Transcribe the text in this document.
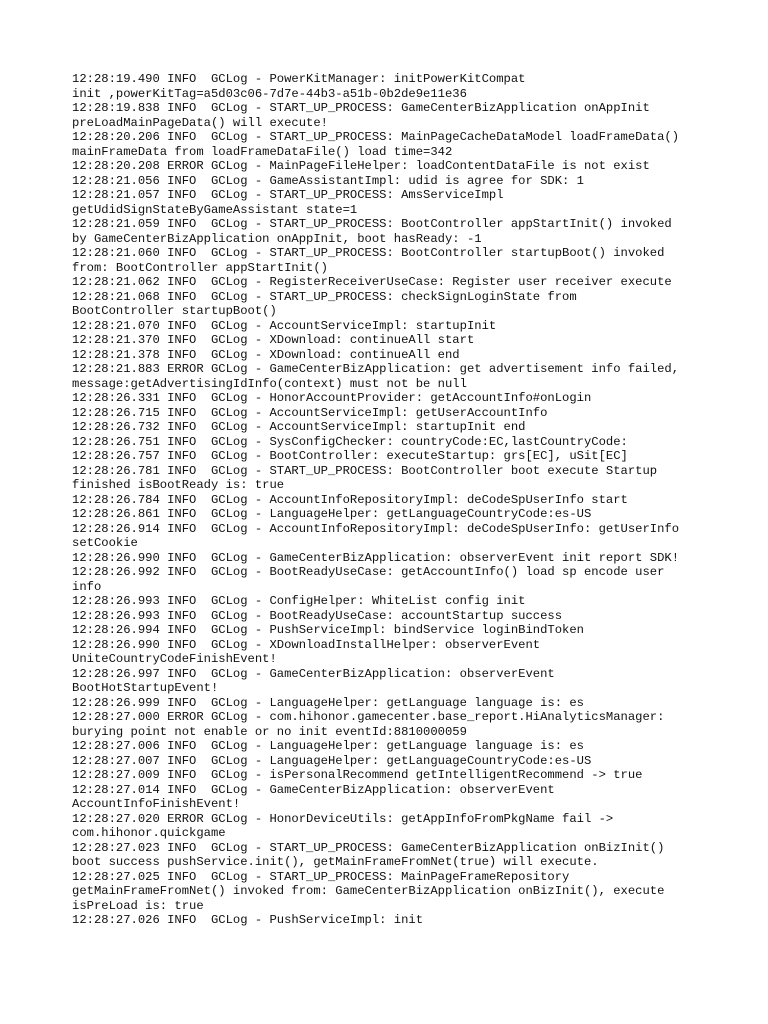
12:28:19.490 INFO  GCLog - PowerKitManager: initPowerKitCompat
init ,powerKitTag=a5d03c06-7d7e-44b3-a51b-0b2de9e11e36
12:28:19.838 INFO  GCLog - START_UP_PROCESS: GameCenterBizApplication onAppInit
preLoadMainPageData() will execute!
12:28:20.206 INFO  GCLog - START_UP_PROCESS: MainPageCacheDataModel loadFrameData()
mainFrameData from loadFrameDataFile() load time=342
12:28:20.208 ERROR GCLog - MainPageFileHelper: loadContentDataFile is not exist
12:28:21.056 INFO  GCLog - GameAssistantImpl: udid is agree for SDK: 1
12:28:21.057 INFO  GCLog - START_UP_PROCESS: AmsServiceImpl
getUdidSignStateByGameAssistant state=1
12:28:21.059 INFO  GCLog - START_UP_PROCESS: BootController appStartInit() invoked
by GameCenterBizApplication onAppInit, boot hasReady: -1
12:28:21.060 INFO  GCLog - START_UP_PROCESS: BootController startupBoot() invoked
from: BootController appStartInit()
12:28:21.062 INFO  GCLog - RegisterReceiverUseCase: Register user receiver execute
12:28:21.068 INFO  GCLog - START_UP_PROCESS: checkSignLoginState from
BootController startupBoot()
12:28:21.070 INFO  GCLog - AccountServiceImpl: startupInit
12:28:21.370 INFO  GCLog - XDownload: continueAll start
12:28:21.378 INFO  GCLog - XDownload: continueAll end
12:28:21.883 ERROR GCLog - GameCenterBizApplication: get advertisement info failed,
message:getAdvertisingIdInfo(context) must not be null
12:28:26.331 INFO  GCLog - HonorAccountProvider: getAccountInfo#onLogin
12:28:26.715 INFO  GCLog - AccountServiceImpl: getUserAccountInfo
12:28:26.732 INFO  GCLog - AccountServiceImpl: startupInit end
12:28:26.751 INFO  GCLog - SysConfigChecker: countryCode:EC,lastCountryCode:
12:28:26.757 INFO  GCLog - BootController: executeStartup: grs[EC], uSit[EC]
12:28:26.781 INFO  GCLog - START_UP_PROCESS: BootController boot execute Startup
finished isBootReady is: true
12:28:26.784 INFO  GCLog - AccountInfoRepositoryImpl: deCodeSpUserInfo start
12:28:26.861 INFO  GCLog - LanguageHelper: getLanguageCountryCode:es-US
12:28:26.914 INFO  GCLog - AccountInfoRepositoryImpl: deCodeSpUserInfo: getUserInfo
setCookie
12:28:26.990 INFO  GCLog - GameCenterBizApplication: observerEvent init report SDK!
12:28:26.992 INFO  GCLog - BootReadyUseCase: getAccountInfo() load sp encode user
info
12:28:26.993 INFO  GCLog - ConfigHelper: WhiteList config init
12:28:26.993 INFO  GCLog - BootReadyUseCase: accountStartup success
12:28:26.994 INFO  GCLog - PushServiceImpl: bindService loginBindToken
12:28:26.990 INFO  GCLog - XDownloadInstallHelper: observerEvent
UniteCountryCodeFinishEvent!
12:28:26.997 INFO  GCLog - GameCenterBizApplication: observerEvent
BootHotStartupEvent!
12:28:26.999 INFO  GCLog - LanguageHelper: getLanguage language is: es
12:28:27.000 ERROR GCLog - com.hihonor.gamecenter.base_report.HiAnalyticsManager:
burying point not enable or no init eventId:8810000059
12:28:27.006 INFO  GCLog - LanguageHelper: getLanguage language is: es
12:28:27.007 INFO  GCLog - LanguageHelper: getLanguageCountryCode:es-US
12:28:27.009 INFO  GCLog - isPersonalRecommend getIntelligentRecommend -> true
12:28:27.014 INFO  GCLog - GameCenterBizApplication: observerEvent
AccountInfoFinishEvent!
12:28:27.020 ERROR GCLog - HonorDeviceUtils: getAppInfoFromPkgName fail ->
com.hihonor.quickgame
12:28:27.023 INFO  GCLog - START_UP_PROCESS: GameCenterBizApplication onBizInit()
boot success pushService.init(), getMainFrameFromNet(true) will execute.
12:28:27.025 INFO  GCLog - START_UP_PROCESS: MainPageFrameRepository
getMainFrameFromNet() invoked from: GameCenterBizApplication onBizInit(), execute
isPreLoad is: true
12:28:27.026 INFO  GCLog - PushServiceImpl: init
